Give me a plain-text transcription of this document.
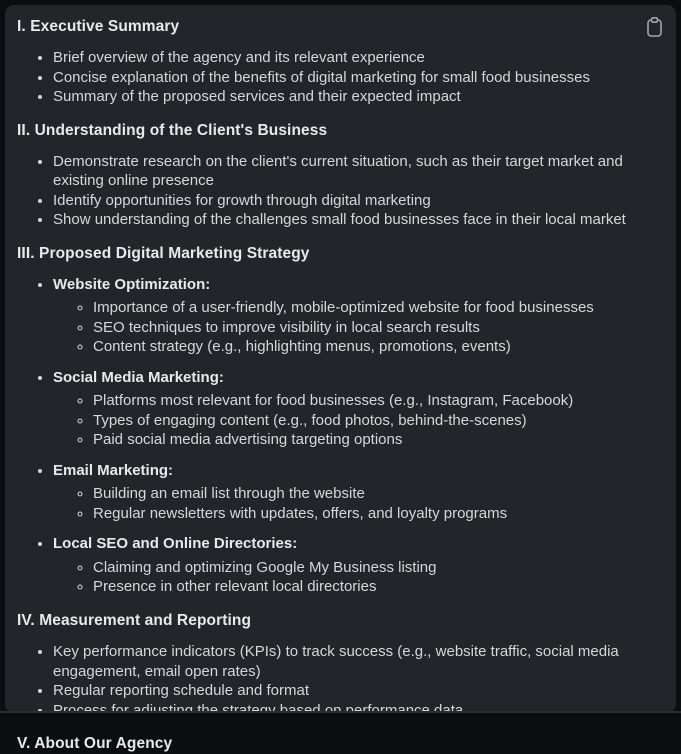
I. Executive Summary
• Brief overview of the agency and its relevant experience
• Concise explanation of the benefits of digital marketing for small food businesses
• Summary of the proposed services and their expected impact
II. Understanding of the Client's Business
• Demonstrate research on the client's current situation, such as their target market and existing online presence
• Identify opportunities for growth through digital marketing
• Show understanding of the challenges small food businesses face in their local market
III. Proposed Digital Marketing Strategy
• Website Optimization:
◦ Importance of a user-friendly, mobile-optimized website for food businesses
◦ SEO techniques to improve visibility in local search results
◦ Content strategy (e.g., highlighting menus, promotions, events)
• Social Media Marketing:
◦ Platforms most relevant for food businesses (e.g., Instagram, Facebook)
◦ Types of engaging content (e.g., food photos, behind-the-scenes)
◦ Paid social media advertising targeting options
• Email Marketing:
◦ Building an email list through the website
◦ Regular newsletters with updates, offers, and loyalty programs
• Local SEO and Online Directories:
◦ Claiming and optimizing Google My Business listing
◦ Presence in other relevant local directories
IV. Measurement and Reporting
• Key performance indicators (KPIs) to track success (e.g., website traffic, social media engagement, email open rates)
• Regular reporting schedule and format
•
V. About Our Agency
